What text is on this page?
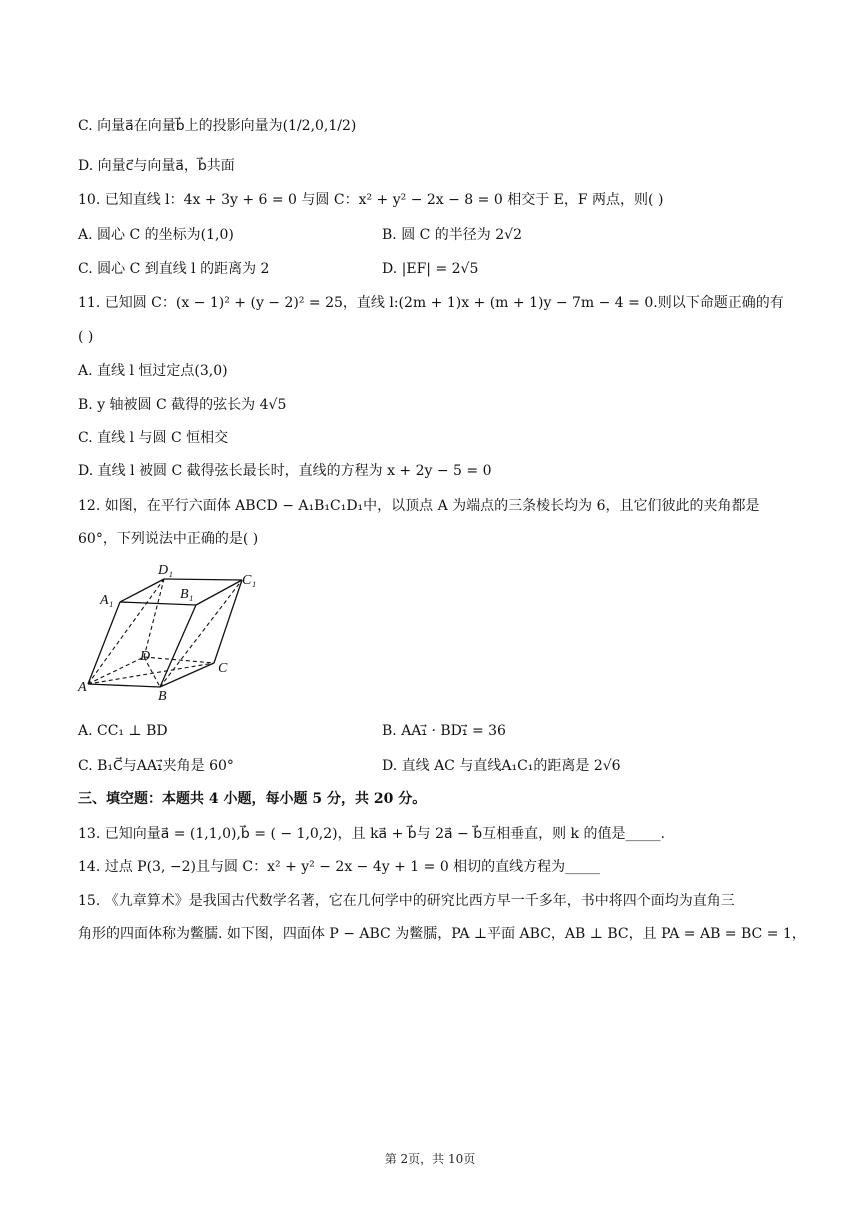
C. 向量a⃗在向量b⃗上的投影向量为(1/2,0,1/2)
D. 向量c⃗与向量a⃗，b⃗共面
10. 已知直线 l：4x + 3y + 6 = 0 与圆 C：x² + y² − 2x − 8 = 0 相交于 E，F 两点，则( )
A. 圆心 C 的坐标为(1,0)	B. 圆 C 的半径为 2√2
C. 圆心 C 到直线 l 的距离为 2	D. |EF| = 2√5
11. 已知圆 C：(x − 1)² + (y − 2)² = 25，直线 l:(2m + 1)x + (m + 1)y − 7m − 4 = 0.则以下命题正确的有
( )
A. 直线 l 恒过定点(3,0)
B. y 轴被圆 C 截得的弦长为 4√5
C. 直线 l 与圆 C 恒相交
D. 直线 l 被圆 C 截得弦长最长时，直线的方程为 x + 2y − 5 = 0
12. 如图，在平行六面体 ABCD − A₁B₁C₁D₁中，以顶点 A 为端点的三条棱长均为 6，且它们彼此的夹角都是
60°，下列说法中正确的是( )
D₁
C₁
A₁	B₁
D
C
A
B
A. CC₁ ⊥ BD	B. AA₁⃗ · BD₁⃗ = 36
C. B₁C⃗与AA₁⃗夹角是 60°	D. 直线 AC 与直线A₁C₁的距离是 2√6
三、填空题：本题共 4 小题，每小题 5 分，共 20 分。
13. 已知向量a⃗ = (1,1,0),b⃗ = ( − 1,0,2)，且 ka⃗ + b⃗与 2a⃗ − b⃗互相垂直，则 k 的值是_____.
14. 过点 P(3, −2)且与圆 C：x² + y² − 2x − 4y + 1 = 0 相切的直线方程为_____
15. 《九章算术》是我国古代数学名著，它在几何学中的研究比西方早一千多年，书中将四个面均为直角三
角形的四面体称为鳖臑. 如下图，四面体 P − ABC 为鳖臑，PA ⊥平面 ABC，AB ⊥ BC，且 PA = AB = BC = 1，
第 2页，共 10页
